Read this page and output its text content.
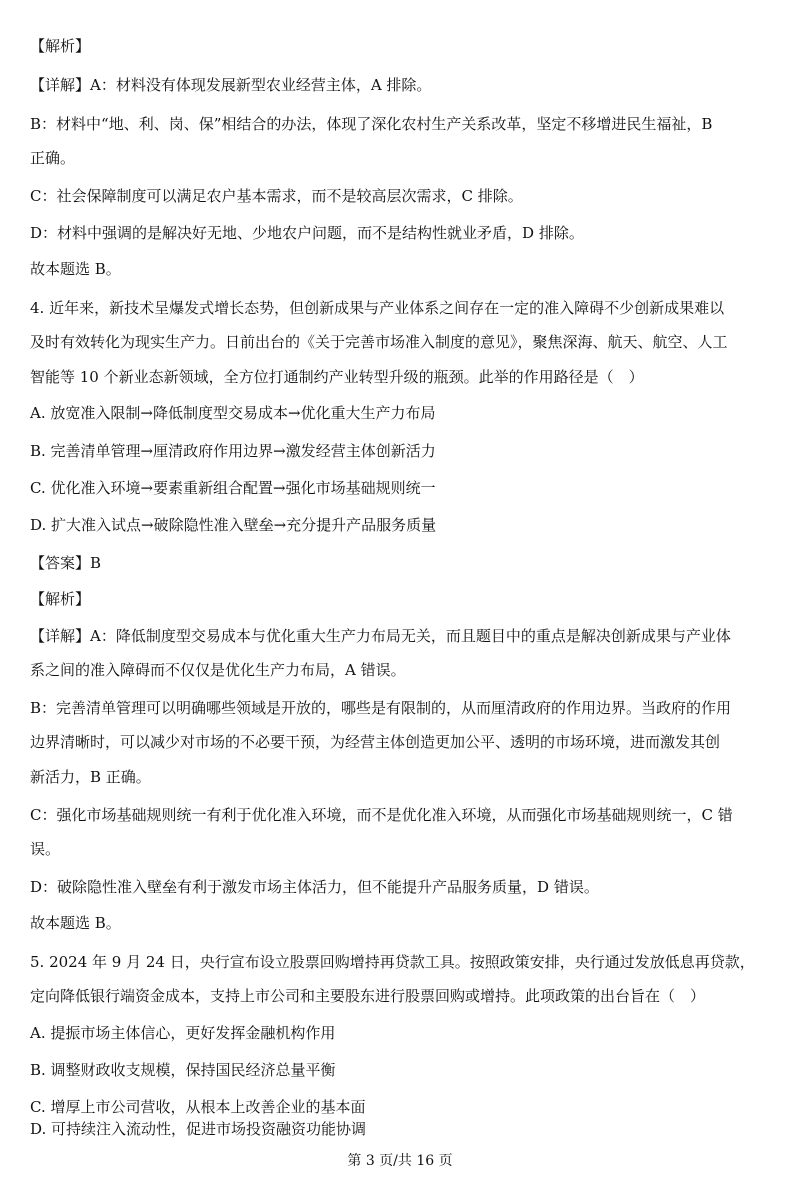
【解析】
【详解】A：材料没有体现发展新型农业经营主体，A 排除。
B：材料中“地、利、岗、保”相结合的办法，体现了深化农村生产关系改革，坚定不移增进民生福祉，B
正确。
C：社会保障制度可以满足农户基本需求，而不是较高层次需求，C 排除。
D：材料中强调的是解决好无地、少地农户问题，而不是结构性就业矛盾，D 排除。
故本题选 B。
4. 近年来，新技术呈爆发式增长态势，但创新成果与产业体系之间存在一定的准入障碍不少创新成果难以
及时有效转化为现实生产力。日前出台的《关于完善市场准入制度的意见》，聚焦深海、航天、航空、人工
智能等 10 个新业态新领域，全方位打通制约产业转型升级的瓶颈。此举的作用路径是（　）
A. 放宽准入限制→降低制度型交易成本→优化重大生产力布局
B. 完善清单管理→厘清政府作用边界→激发经营主体创新活力
C. 优化准入环境→要素重新组合配置→强化市场基础规则统一
D. 扩大准入试点→破除隐性准入壁垒→充分提升产品服务质量
【答案】B
【解析】
【详解】A：降低制度型交易成本与优化重大生产力布局无关，而且题目中的重点是解决创新成果与产业体
系之间的准入障碍而不仅仅是优化生产力布局，A 错误。
B：完善清单管理可以明确哪些领域是开放的，哪些是有限制的，从而厘清政府的作用边界。当政府的作用
边界清晰时，可以减少对市场的不必要干预，为经营主体创造更加公平、透明的市场环境，进而激发其创
新活力，B 正确。
C：强化市场基础规则统一有利于优化准入环境，而不是优化准入环境，从而强化市场基础规则统一，C 错
误。
D：破除隐性准入壁垒有利于激发市场主体活力，但不能提升产品服务质量，D 错误。
故本题选 B。
5. 2024 年 9 月 24 日，央行宣布设立股票回购增持再贷款工具。按照政策安排，央行通过发放低息再贷款，
定向降低银行端资金成本，支持上市公司和主要股东进行股票回购或增持。此项政策的出台旨在（　）
A. 提振市场主体信心，更好发挥金融机构作用
B. 调整财政收支规模，保持国民经济总量平衡
C. 增厚上市公司营收，从根本上改善企业的基本面
D. 可持续注入流动性，促进市场投资融资功能协调
第 3 页/共 16 页
